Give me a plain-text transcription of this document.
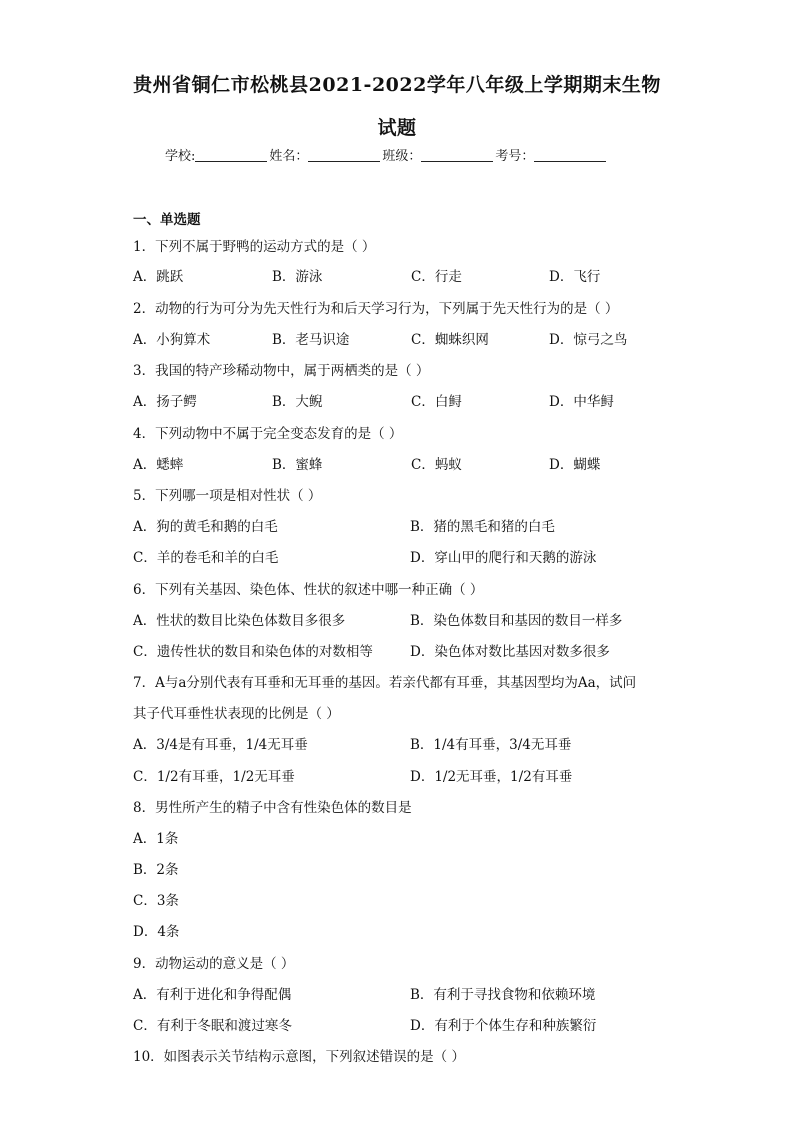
贵州省铜仁市松桃县2021-2022学年八年级上学期期末生物
试题
学校:	姓名：	班级：	考号：
一、单选题
1．下列不属于野鸭的运动方式的是（ ）
A．跳跃	B．游泳	C．行走	D．飞行
2．动物的行为可分为先天性行为和后天学习行为，下列属于先天性行为的是（ ）
A．小狗算术	B．老马识途	C．蜘蛛织网	D．惊弓之鸟
3．我国的特产珍稀动物中，属于两栖类的是（ ）
A．扬子鳄	B．大鲵	C．白鲟	D．中华鲟
4．下列动物中不属于完全变态发育的是（ ）
A．蟋蟀	B．蜜蜂	C．蚂蚁	D．蝴蝶
5．下列哪一项是相对性状（ ）
A．狗的黄毛和鹅的白毛	B．猪的黑毛和猪的白毛
C．羊的卷毛和羊的白毛	D．穿山甲的爬行和天鹅的游泳
6．下列有关基因、染色体、性状的叙述中哪一种正确（ ）
A．性状的数目比染色体数目多很多	B．染色体数目和基因的数目一样多
C．遗传性状的数目和染色体的对数相等	D．染色体对数比基因对数多很多
7．A与a分别代表有耳垂和无耳垂的基因。若亲代都有耳垂，其基因型均为Aa，试问
其子代耳垂性状表现的比例是（ ）
A．3/4是有耳垂，1/4无耳垂	B．1/4有耳垂，3/4无耳垂
C．1/2有耳垂，1/2无耳垂	D．1/2无耳垂，1/2有耳垂
8．男性所产生的精子中含有性染色体的数目是
A．1条
B．2条
C．3条
D．4条
9．动物运动的意义是（ ）
A．有利于进化和争得配偶	B．有利于寻找食物和依赖环境
C．有利于冬眠和渡过寒冬	D．有利于个体生存和种族繁衍
10．如图表示关节结构示意图，下列叙述错误的是（ ）
